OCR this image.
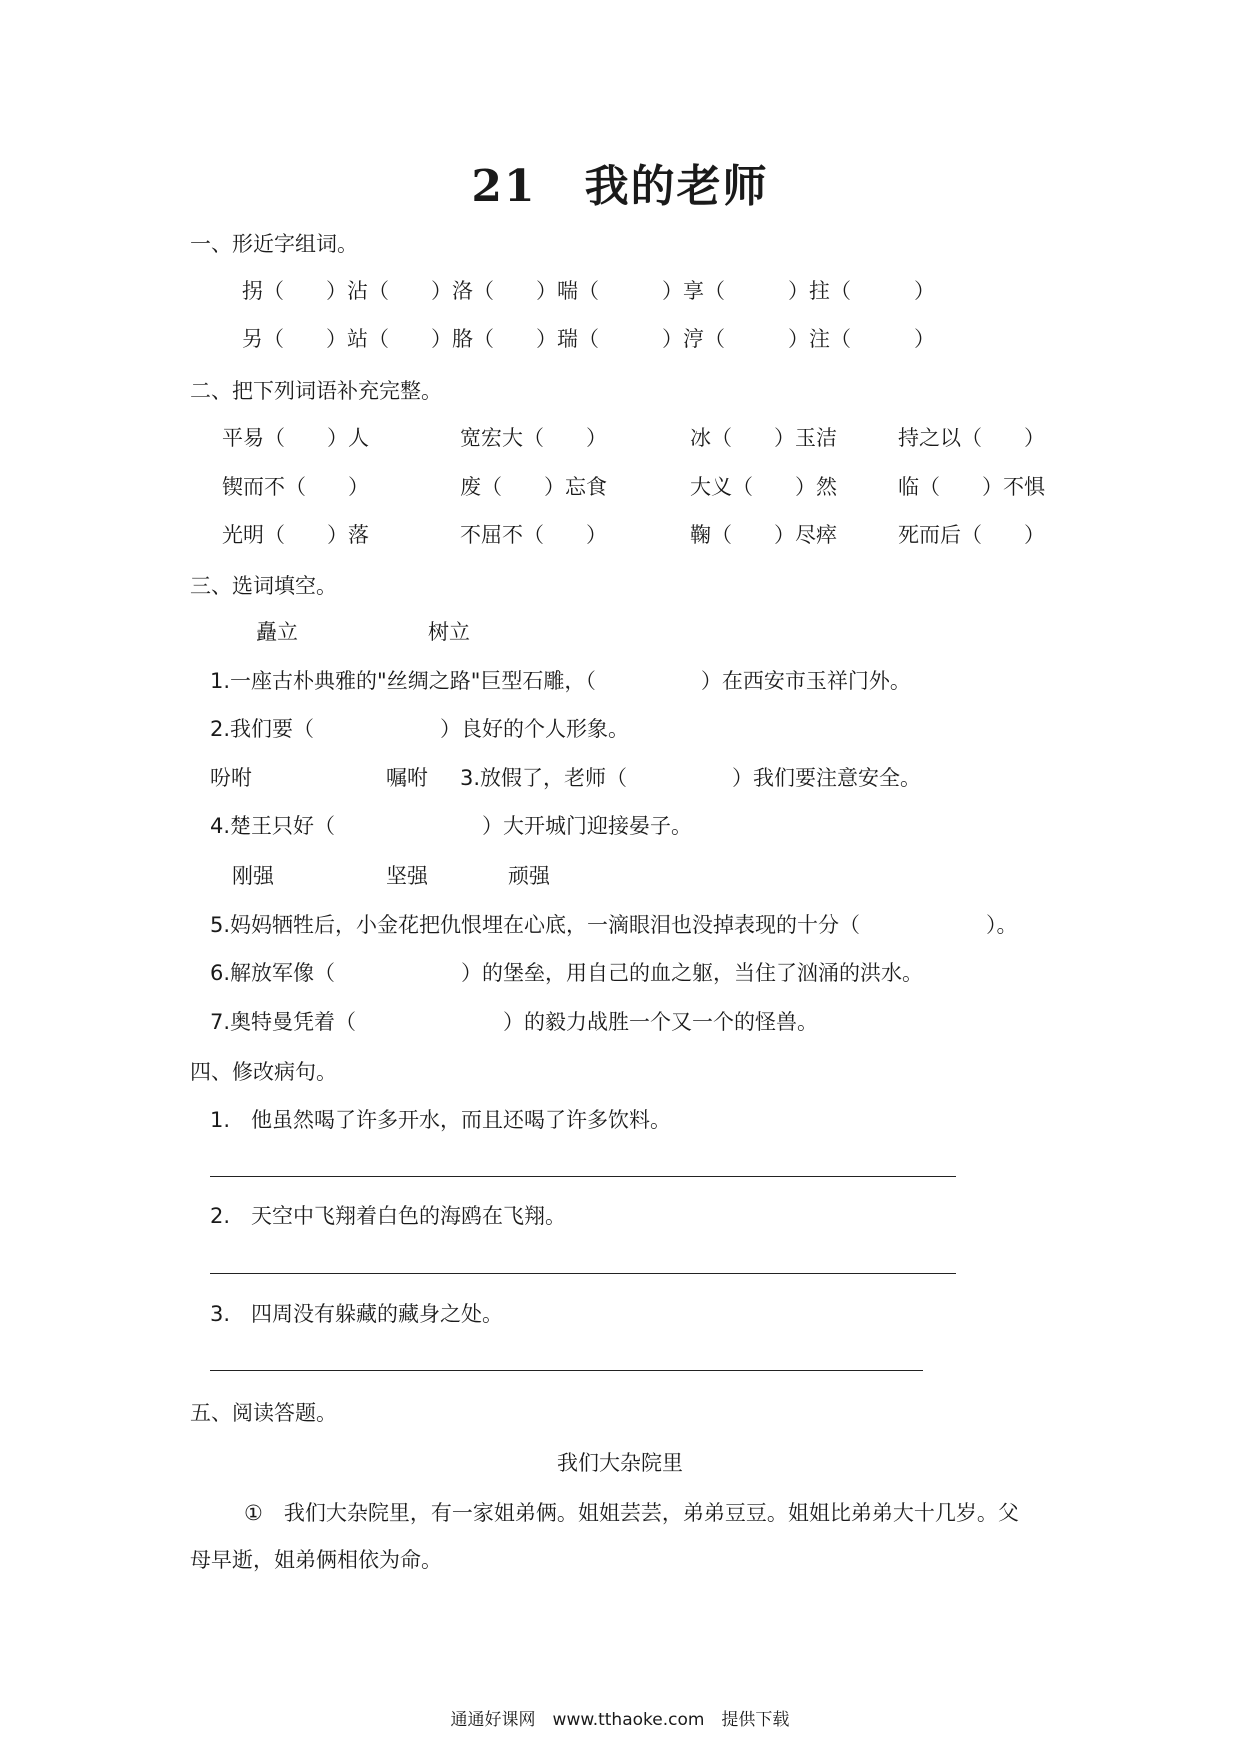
21 我的老师
一、形近字组词。
拐（　　）沾（　　）洛（　　）喘（　　　）享（　　　）拄（　　　）
另（　　）站（　　）胳（　　）瑞（　　　）涥（　　　）注（　　　）
二、把下列词语补充完整。
平易（　　）人	宽宏大（　　）	冰（　　）玉洁	持之以（　　）
锲而不（　　）	废（　　）忘食	大义（　　）然	临（　　）不惧
光明（　　）落	不屈不（　　）	鞠（　　）尽瘁	死而后（　　）
三、选词填空。
矗立	树立
1.一座古朴典雅的"丝绸之路"巨型石雕，（　　　　　）在西安市玉祥门外。
2.我们要（　　　　　　）良好的个人形象。
吩咐	嘱咐 3.放假了，老师（　　　　　）我们要注意安全。
4.楚王只好（　　　　　　　）大开城门迎接晏子。
刚强	坚强	顽强
5.妈妈牺牲后，小金花把仇恨埋在心底，一滴眼泪也没掉表现的十分（　　　　　　）。
6.解放军像（　　　　　　）的堡垒，用自己的血之躯，当住了汹涌的洪水。
7.奥特曼凭着（　　　　　　　）的毅力战胜一个又一个的怪兽。
四、修改病句。
1.　他虽然喝了许多开水，而且还喝了许多饮料。
2.　天空中飞翔着白色的海鸥在飞翔。
3.　四周没有躲藏的藏身之处。
五、阅读答题。
我们大杂院里
①　我们大杂院里，有一家姐弟俩。姐姐芸芸，弟弟豆豆。姐姐比弟弟大十几岁。父
母早逝，姐弟俩相依为命。
通通好课网　www.tthaoke.com　提供下载
